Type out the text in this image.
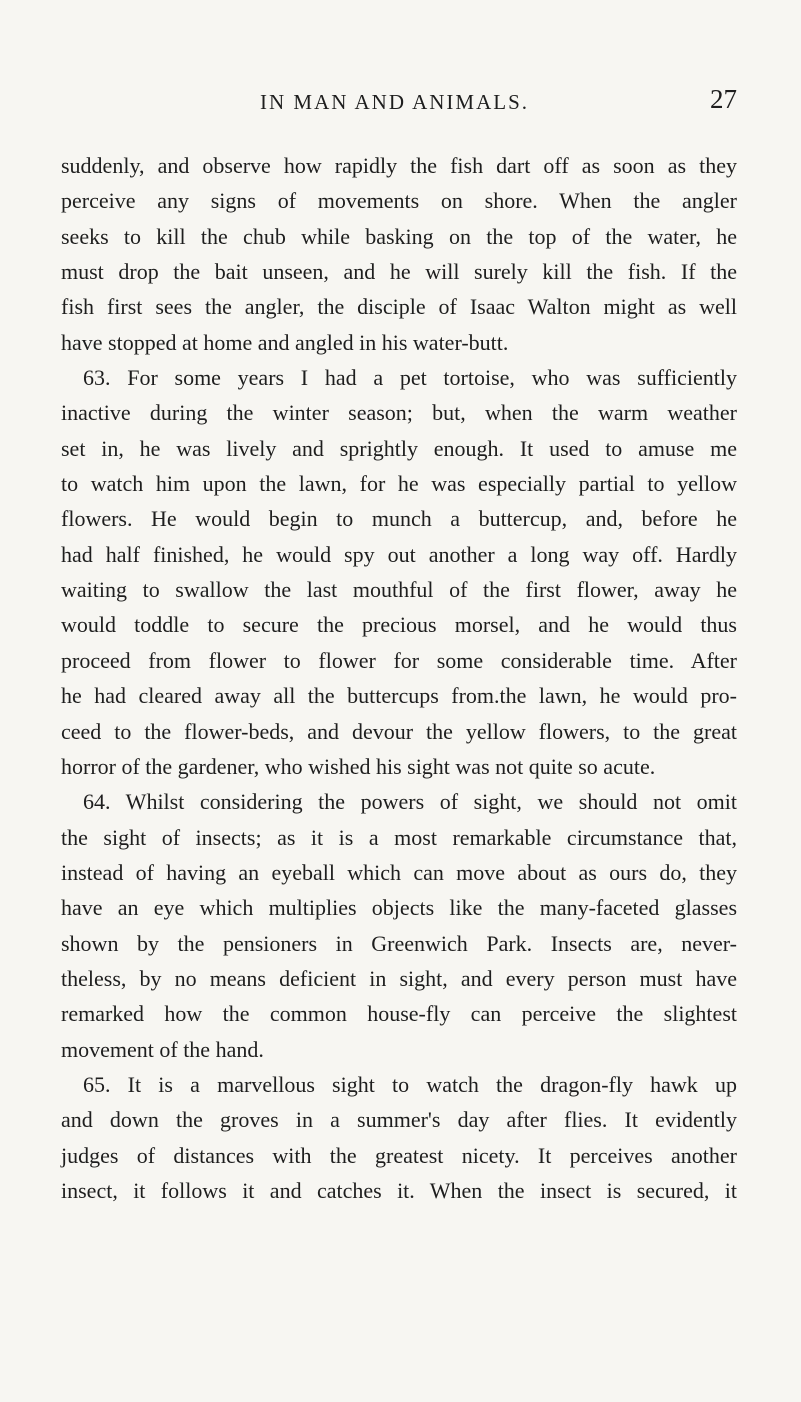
IN MAN AND ANIMALS.	27
suddenly, and observe how rapidly the fish dart off as soon as they
perceive any signs of movements on shore. When the angler
seeks to kill the chub while basking on the top of the water, he
must drop the bait unseen, and he will surely kill the fish. If the
fish first sees the angler, the disciple of Isaac Walton might as well
have stopped at home and angled in his water-butt.
63. For some years I had a pet tortoise, who was sufficiently
inactive during the winter season; but, when the warm weather
set in, he was lively and sprightly enough. It used to amuse me
to watch him upon the lawn, for he was especially partial to yellow
flowers. He would begin to munch a buttercup, and, before he
had half finished, he would spy out another a long way off. Hardly
waiting to swallow the last mouthful of the first flower, away he
would toddle to secure the precious morsel, and he would thus
proceed from flower to flower for some considerable time. After
he had cleared away all the buttercups from.the lawn, he would pro-
ceed to the flower-beds, and devour the yellow flowers, to the great
horror of the gardener, who wished his sight was not quite so acute.
64. Whilst considering the powers of sight, we should not omit
the sight of insects; as it is a most remarkable circumstance that,
instead of having an eyeball which can move about as ours do, they
have an eye which multiplies objects like the many-faceted glasses
shown by the pensioners in Greenwich Park. Insects are, never-
theless, by no means deficient in sight, and every person must have
remarked how the common house-fly can perceive the slightest
movement of the hand.
65. It is a marvellous sight to watch the dragon-fly hawk up
and down the groves in a summer's day after flies. It evidently
judges of distances with the greatest nicety. It perceives another
insect, it follows it and catches it. When the insect is secured, it
